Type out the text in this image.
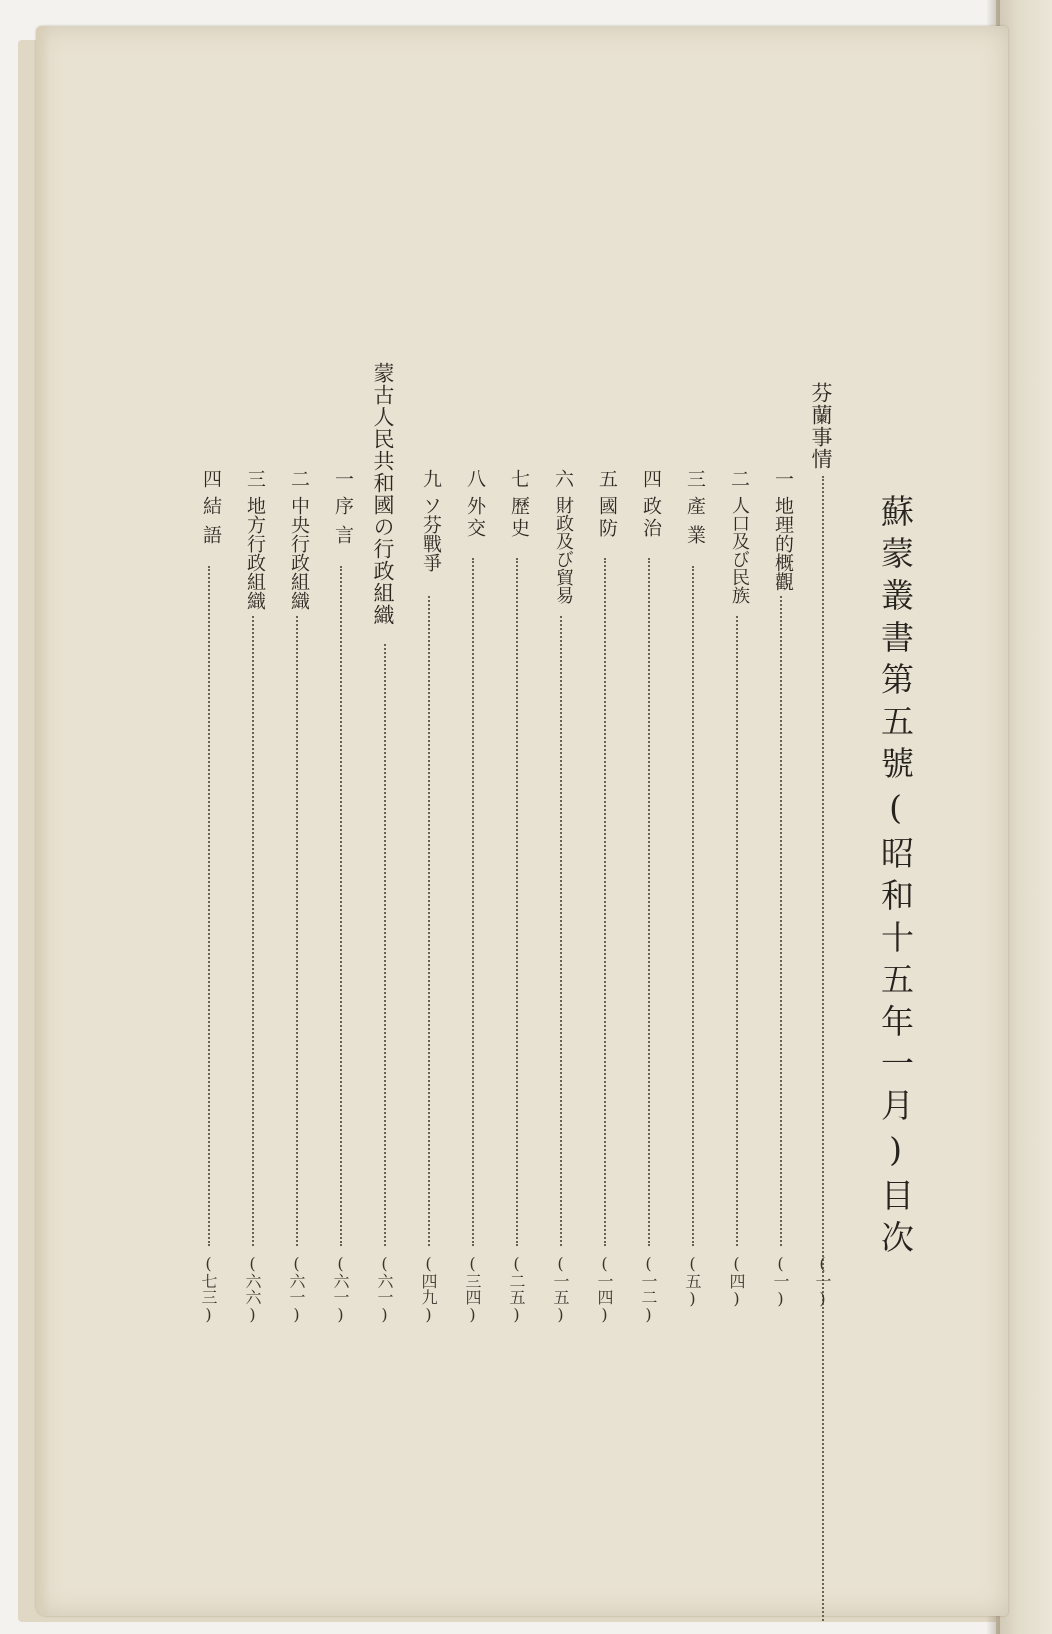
蘇蒙叢書第五號(昭和十五年一月)目次
芬蘭事情
(一)
一
地理的概觀
(一)
二
人口及び民族
(四)
三
產業
(五)
四
政治
(一二)
五
國防
(一四)
六
財政及び貿易
(一五)
七
歷史
(二五)
八
外交
(三四)
九
ソ芬戰爭
(四九)
蒙古人民共和國の行政組織
(六一)
一
序言
(六一)
二
中央行政組織
(六一)
三
地方行政組織
(六六)
四
結語
(七三)
